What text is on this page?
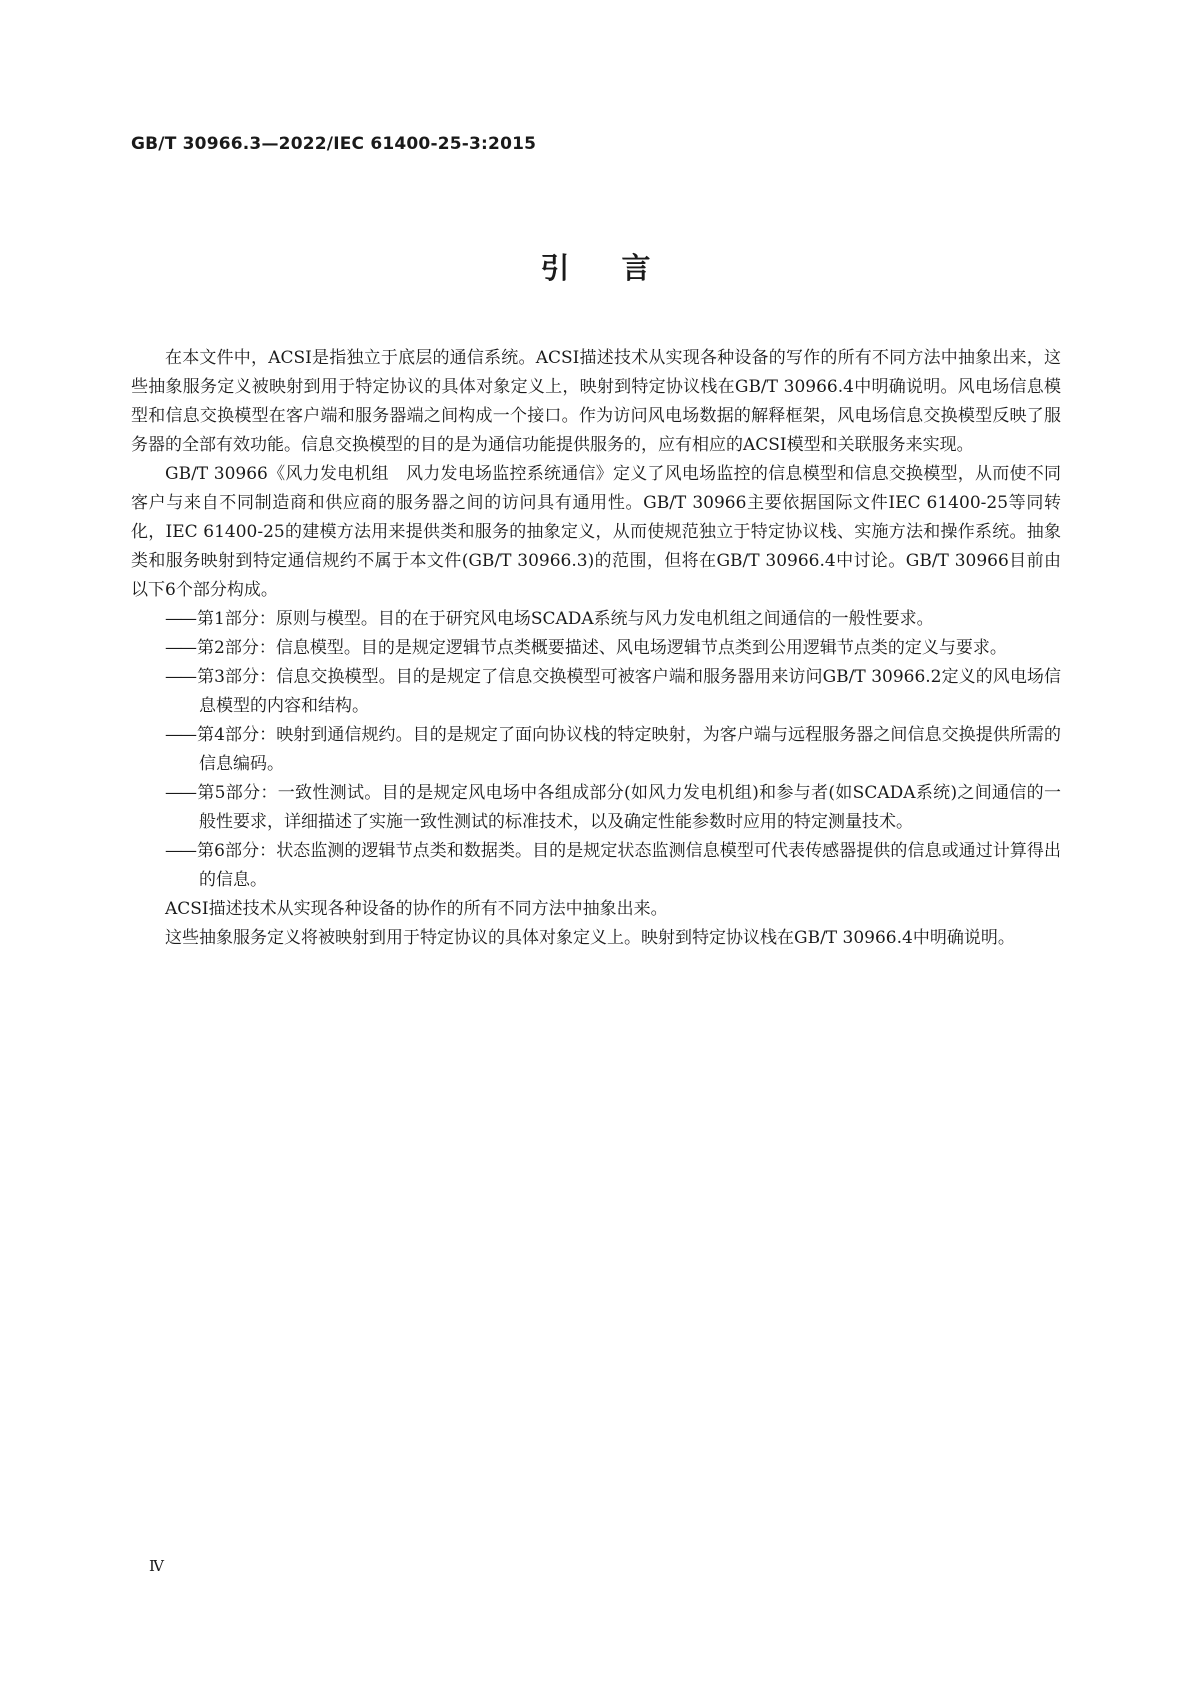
GB/T 30966.3—2022/IEC 61400-25-3:2015
引言

在本文件中，ACSI是指独立于底层的通信系统。ACSI描述技术从实现各种设备的写作的所有不同方法中抽象出来，这些抽象服务定义被映射到用于特定协议的具体对象定义上，映射到特定协议栈在GB/T 30966.4中明确说明。风电场信息模型和信息交换模型在客户端和服务器端之间构成一个接口。作为访问风电场数据的解释框架，风电场信息交换模型反映了服务器的全部有效功能。信息交换模型的目的是为通信功能提供服务的，应有相应的ACSI模型和关联服务来实现。

GB/T 30966《风力发电机组　风力发电场监控系统通信》定义了风电场监控的信息模型和信息交换模型，从而使不同客户与来自不同制造商和供应商的服务器之间的访问具有通用性。GB/T 30966主要依据国际文件IEC 61400-25等同转化，IEC 61400-25的建模方法用来提供类和服务的抽象定义，从而使规范独立于特定协议栈、实施方法和操作系统。抽象类和服务映射到特定通信规约不属于本文件(GB/T 30966.3)的范围，但将在GB/T 30966.4中讨论。GB/T 30966目前由以下6个部分构成。

—— 第1部分：原则与模型。目的在于研究风电场SCADA系统与风力发电机组之间通信的一般性要求。

—— 第2部分：信息模型。目的是规定逻辑节点类概要描述、风电场逻辑节点类到公用逻辑节点类的定义与要求。

—— 第3部分：信息交换模型。目的是规定了信息交换模型可被客户端和服务器用来访问GB/T 30966.2定义的风电场信息模型的内容和结构。

—— 第4部分：映射到通信规约。目的是规定了面向协议栈的特定映射，为客户端与远程服务器之间信息交换提供所需的信息编码。

—— 第5部分：一致性测试。目的是规定风电场中各组成部分(如风力发电机组)和参与者(如SCADA系统)之间通信的一般性要求，详细描述了实施一致性测试的标准技术，以及确定性能参数时应用的特定测量技术。

—— 第6部分：状态监测的逻辑节点类和数据类。目的是规定状态监测信息模型可代表传感器提供的信息或通过计算得出的信息。

ACSI描述技术从实现各种设备的协作的所有不同方法中抽象出来。

这些抽象服务定义将被映射到用于特定协议的具体对象定义上。映射到特定协议栈在GB/T 30966.4中明确说明。

Ⅳ
